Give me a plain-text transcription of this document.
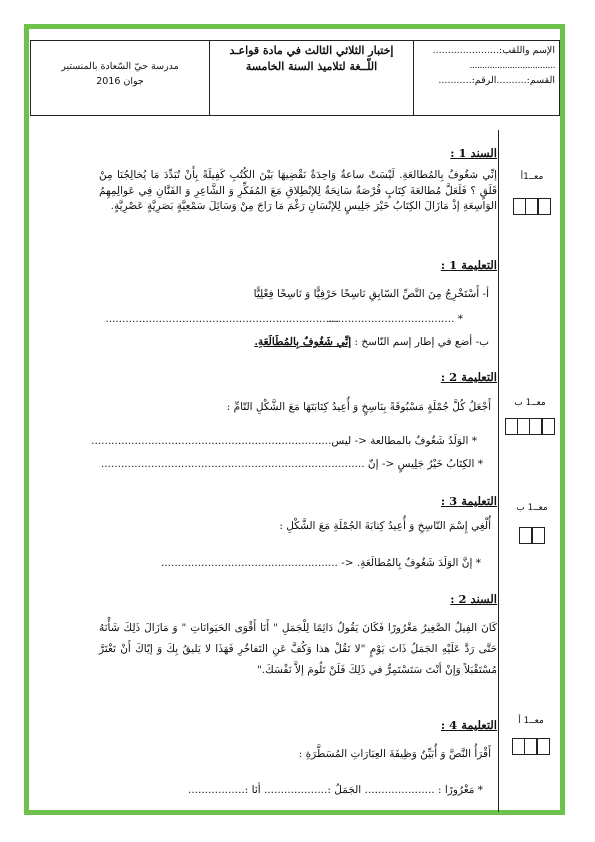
الإسم واللقب:......................
..................................
القسم:..........الرقم:...........
إختبار الثلاثي الثالث في مادة قواعـد
اللّــغة لتلاميذ السنة الخامسة
مدرسة حيّ السّعادة بالمنستير
جوان 2016
السند 1 :
إنِّي شغُوفٌ بِالمُطالعَةِ. لَيْسَتْ ساعةٌ وَاحِدَةٌ نَقْضِيهَا بَيْنَ الكُتُبِ كَفِيلَةً بِأَنْ تُبَدِّدَ مَا يُخالِجُنَا مِنْ قَلَقٍ ؟ فَلَعَلَّ مُطالعَةَ كِتَابٍ فُرْصَةٌ سَانِحَةٌ لِلإنْطِلاقِ مَعَ المُفَكِّرِ وَ الشَّاعِرِ وَ الفَنَّانِ فِي عَوالِمِهِمُ الوَاسِعَةِ إذْ مَازَالَ الكِتَابُ خَيْرَ جَلِيسٍ لِلإنْسَانِ رَغْمَ مَا رَاجَ مِنْ وَسَائِلَ سَمْعِيَّةٍ بَصَرِيَّةٍ عَصْرِيَّةٍ.
التعليمة 1 :
أ- أَسْتَخْرِجُ مِنَ النَّصِّ السّابِقِ نَاسِخًا حَرْفِيًّا وَ نَاسِخًا فِعْلِيًّا
* ......................................
......................................................................
ب- أضع في إطار إسم النّاسخ : إنِّي شَغُوفٌ بِالمُطَالَعَةِ.
التعليمة 2 :
أَجْعَلُ كُلَّ جُمْلَةٍ مَسْبُوقَةً بِنَاسِخٍ وَ أُعِيدُ كِتَابَتَهَا مَعَ الشَّكْلِ التّامِّ :
* الوَلَدُ شَغُوفٌ بالمطالعة <- ليس........................................................................
* الكِتَابُ خَيْرُ جَلِيسٍ <- إنّ ...............................................................................
التعليمة 3 :
أُلْغِي إِسْمَ النّاسِخِ وَ أُعِيدُ كِتابَةَ الجُمْلَةِ مَعَ الشَّكْلِ :
* إنَّ الوَلَدَ شَغُوفٌ بِالمُطالَعَةِ. <- .....................................................
السند 2 :
كَانَ الفِيلُ الصَّغِيرُ مَغْرُورًا فَكَانَ يَقُولُ دَائِمًا لِلْجَمَلِ " أَنَا أَقْوَى الحَيَوانَاتِ " وَ مَازَالَ ذَلِكَ شَأْنَهُ حَتَّى رَدَّ عَلَيْهِ الجَمَلُ ذَاتَ يَوْمٍ "لا تَقُلْ هذا وَكُفَّ عَنِ التَفاخُرِ فَهَذَا لا يَليقُ بِكَ وَ إيّاكَ أَنْ تَغْتَرَّ مُسْتَقْبَلاً وَإنْ أنْتَ سَتَسْتَمِرُّ في ذَلِكَ فَلَنْ تَلُومَ إلاَّ نَفْسَكَ."
التعليمة 4 :
أَقْرَأُ النَّصَّ وَ أُبَيِّنُ وَظِيفَةَ العِبَارَاتِ المُسَطَّرَةِ :
* مَغْرُورًا : ..................... الجَمَلُ :................... أنَا :.................
معــ1أ
معــ1 ب
معــ1 ب
معــ1 أ
